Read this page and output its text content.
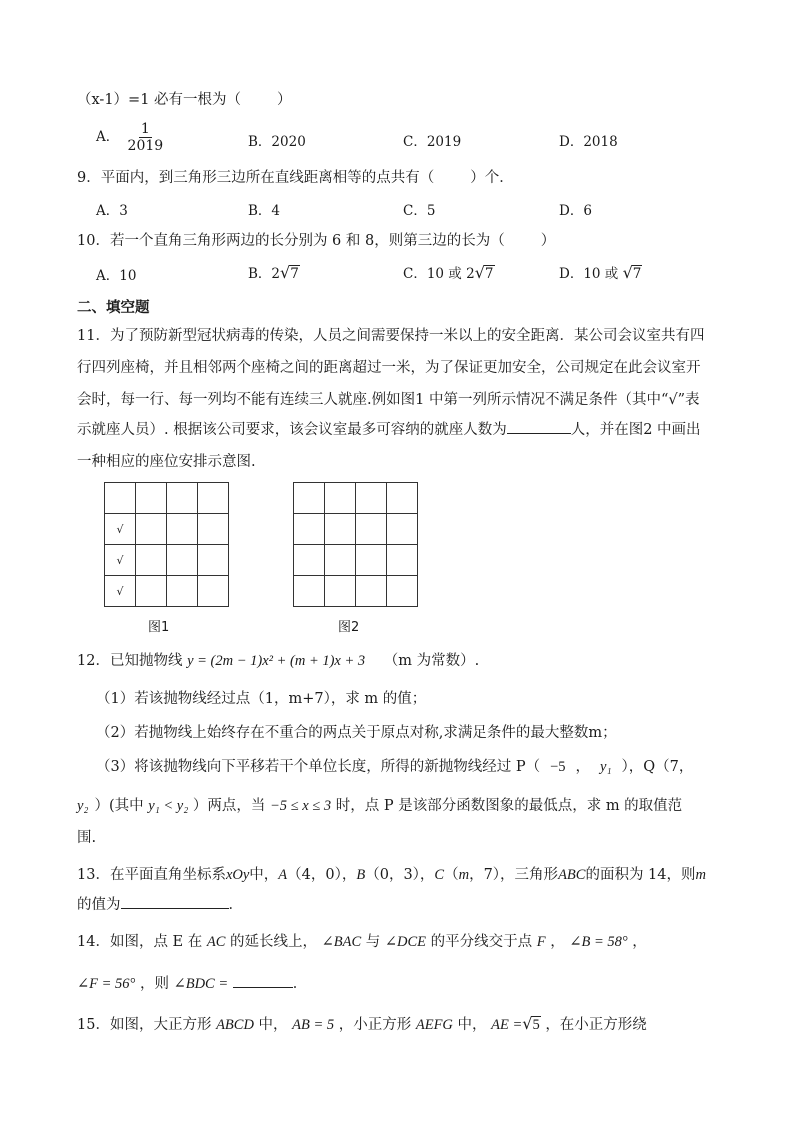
（x-1）=1 必有一根为（ ）
A． $\frac{1}{2019}$	B．2020	C．2019	D．2018
9．平面内，到三角形三边所在直线距离相等的点共有（ ）个．
A．3	B．4	C．5	D．6
10．若一个直角三角形两边的长分别为 6 和 8，则第三边的长为（ ）
A．10	B．2√7	C．10 或 2√7	D．10 或 √7
二、填空题
11．为了预防新型冠状病毒的传染，人员之间需要保持一米以上的安全距离．某公司会议室共有四
行四列座椅，并且相邻两个座椅之间的距离超过一米，为了保证更加安全，公司规定在此会议室开
会时，每一行、每一列均不能有连续三人就座.例如图1 中第一列所示情况不满足条件（其中“√”表
示就座人员）. 根据该公司要求，该会议室最多可容纳的就座人数为	人，并在图2 中画出
一种相应的座位安排示意图.

√			
√			
√			
图1

				图2
12．已知抛物线 y = (2m − 1)x² + (m + 1)x + 3 （m 为常数）.
（1）若该抛物线经过点（1，m+7），求 m 的值；
（2）若抛物线上始终存在不重合的两点关于原点对称,求满足条件的最大整数m；
（3）将该抛物线向下平移若干个单位长度，所得的新抛物线经过 P（ −5 ， y₁ ），Q（7，
y₂ ）(其中 y₁ < y₂ ）两点，当 −5 ≤ x ≤ 3 时，点 P 是该部分函数图象的最低点，求 m 的取值范
围.
13．在平面直角坐标系xOy中，A（4，0），B（0，3），C（m，7），三角形ABC的面积为 14，则m
的值为	．
14．如图，点 E 在 AC 的延长线上， ∠BAC 与 ∠DCE 的平分线交于点 F ， ∠B = 58° ，
∠F = 56° ，则 ∠BDC =	．
15．如图，大正方形 ABCD 中， AB = 5 ，小正方形 AEFG 中， AE =√5 ，在小正方形绕
